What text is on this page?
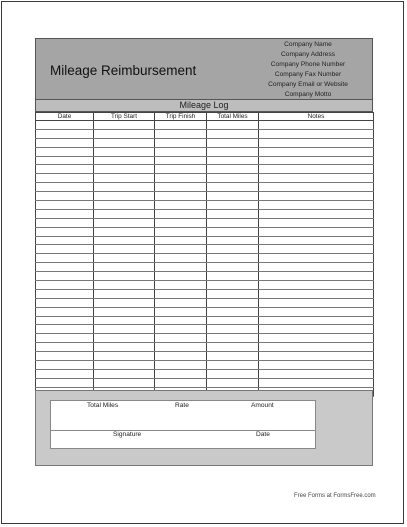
Mileage Reimbursement
Company Name
Company Address
Company Phone Number
Company Fax Number
Company Email or Website
Company Motto
Mileage Log
Date	Trip Start	Trip Finish	Total Miles	Notes

Total Miles	Rate	Amount
Signature	Date
Free Forms at FormsFree.com
